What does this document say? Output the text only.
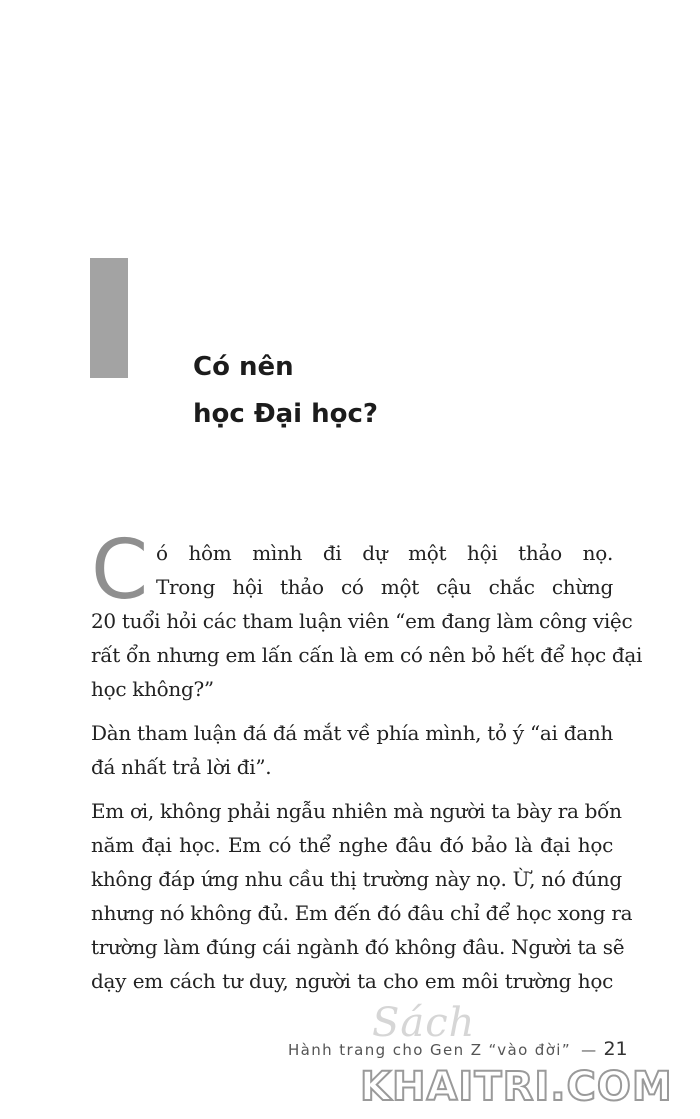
Có nên
học Đại học?

C ó hôm mình đi dự một hội thảo nọ.
Trong hội thảo có một cậu chắc chừng
20 tuổi hỏi các tham luận viên “em đang làm công việc
rất ổn nhưng em lấn cấn là em có nên bỏ hết để học đại
học không?”

Dàn tham luận đá đá mắt về phía mình, tỏ ý “ai đanh
đá nhất trả lời đi”.

Em ơi, không phải ngẫu nhiên mà người ta bày ra bốn
năm đại học. Em có thể nghe đâu đó bảo là đại học
không đáp ứng nhu cầu thị trường này nọ. Ừ, nó đúng
nhưng nó không đủ. Em đến đó đâu chỉ để học xong ra
trường làm đúng cái ngành đó không đâu. Người ta sẽ
dạy em cách tư duy, người ta cho em môi trường học

Sách
Hành trang cho Gen Z “vào đời” — 21
KHAITRI.COM
